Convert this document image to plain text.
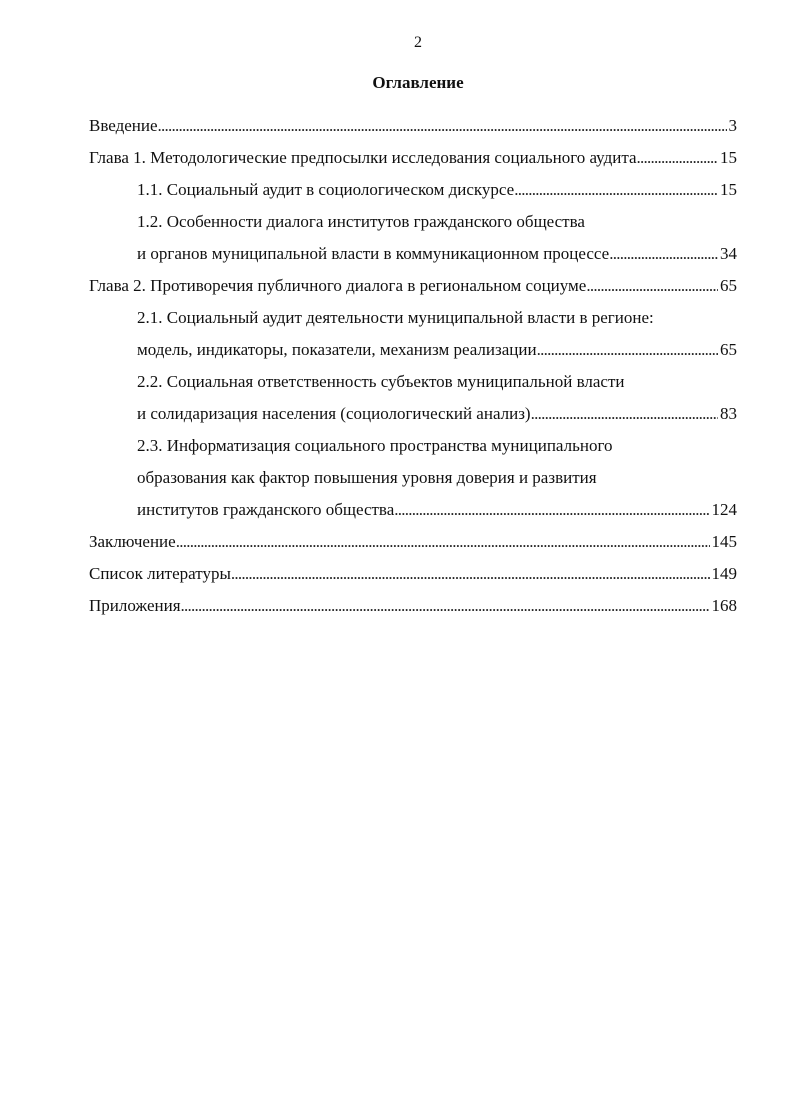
2
Оглавление
Введение . . .	3
Глава 1. Методологические предпосылки исследования социального аудита . . .	15
1.1. Социальный аудит в социологическом дискурсе . . .	15
1.2. Особенности диалога институтов гражданского общества
и органов муниципальной власти в коммуникационном процессе . . .	34
Глава 2. Противоречия публичного диалога в региональном социуме . . .	65
2.1. Социальный аудит деятельности муниципальной власти в регионе:
модель, индикаторы, показатели, механизм реализации . . .	65
2.2. Социальная ответственность субъектов муниципальной власти
и солидаризация населения (социологический анализ) . . .	83
2.3. Информатизация социального пространства муниципального
образования как фактор повышения уровня доверия и развития
институтов гражданского общества . . .	124
Заключение . . .	145
Список литературы . . .	149
Приложения . . .	168
